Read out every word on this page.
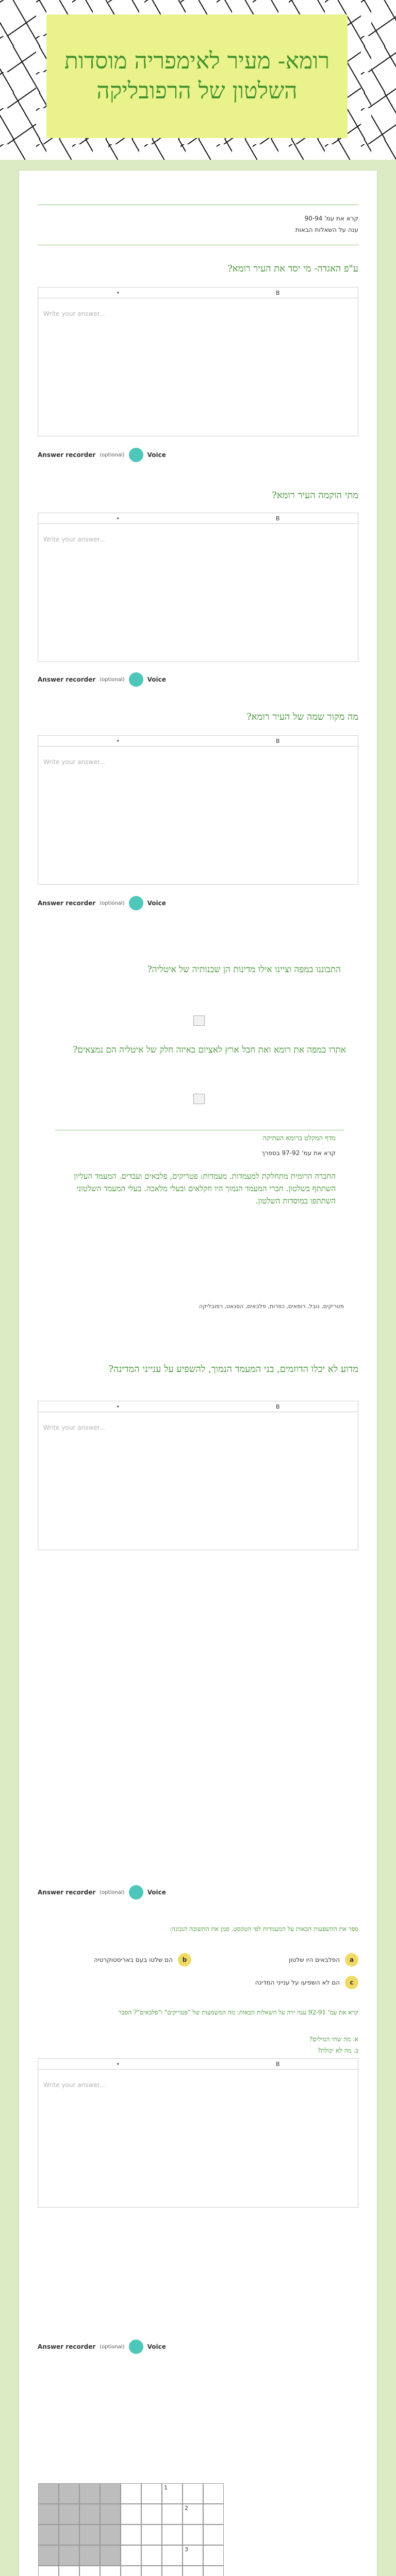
רומא- מעיר לאימפריה מוסדות השלטון של הרפובליקה
קרא את עמ' 90-94
ענה על השאלות הבאות
ע"פ האגדה- מי יסד את העיר רומא?
•	B
Write your answer...
Answer recorder (optional)	Voice
מתי הוקמה העיר רומא?
•	B
Write your answer...
Answer recorder (optional)	Voice
מה מקור שמה של העיר רומא?
•	B
Write your answer...
Answer recorder (optional)	Voice
התבוננו במפה וציינו אילו מדינות הן שכנותיה של איטליה?
אתרו במפה את רומא ואת חבל ארץ לאציום באיזה חלק של איטליה הם נמצאים?
מדף המקלט ברומא העתיקה
קרא את עמ' 97-92 בספרך
החברה הרומית מתחלקת למעמדות. מעמדות: פטריקים, פלבאים ועבדים. המעמד העליון השתתף בשלטון. חברי המעמד הנמוך היו חקלאים ובעלי מלאכה. בעלי המעמד השלטוני השתתפו במוסדות השלטון.
פטריקים, נובל, רומאים, כפרות, פלבאים, הסנאט, רפובליקה
מדוע לא יכלו הדוזמים, בני המעמד הנמוך, להשפיע על ענייני המדינה?
•	B
Write your answer...
Answer recorder (optional)	Voice
ספר את ההשפעות הבאות על המעמדות לפי הטקסט. סמן את התשובה הנכונה:
a
הפלבאים היו שלטון
b
הם שלטו בעם באריסטוקרטיה
c
הם לא השפיעו על ענייני המדינה
קרא את עמ' 92-91 ענה ירה על השאלות הבאות: מה המשמעות של "פטריקים" ו"פלבאים"? הסבר
א. מה שתי המילים?
ב. מה לא יכולת?
•	B
Write your answer...
Answer recorder (optional)	Voice
1
2
3
